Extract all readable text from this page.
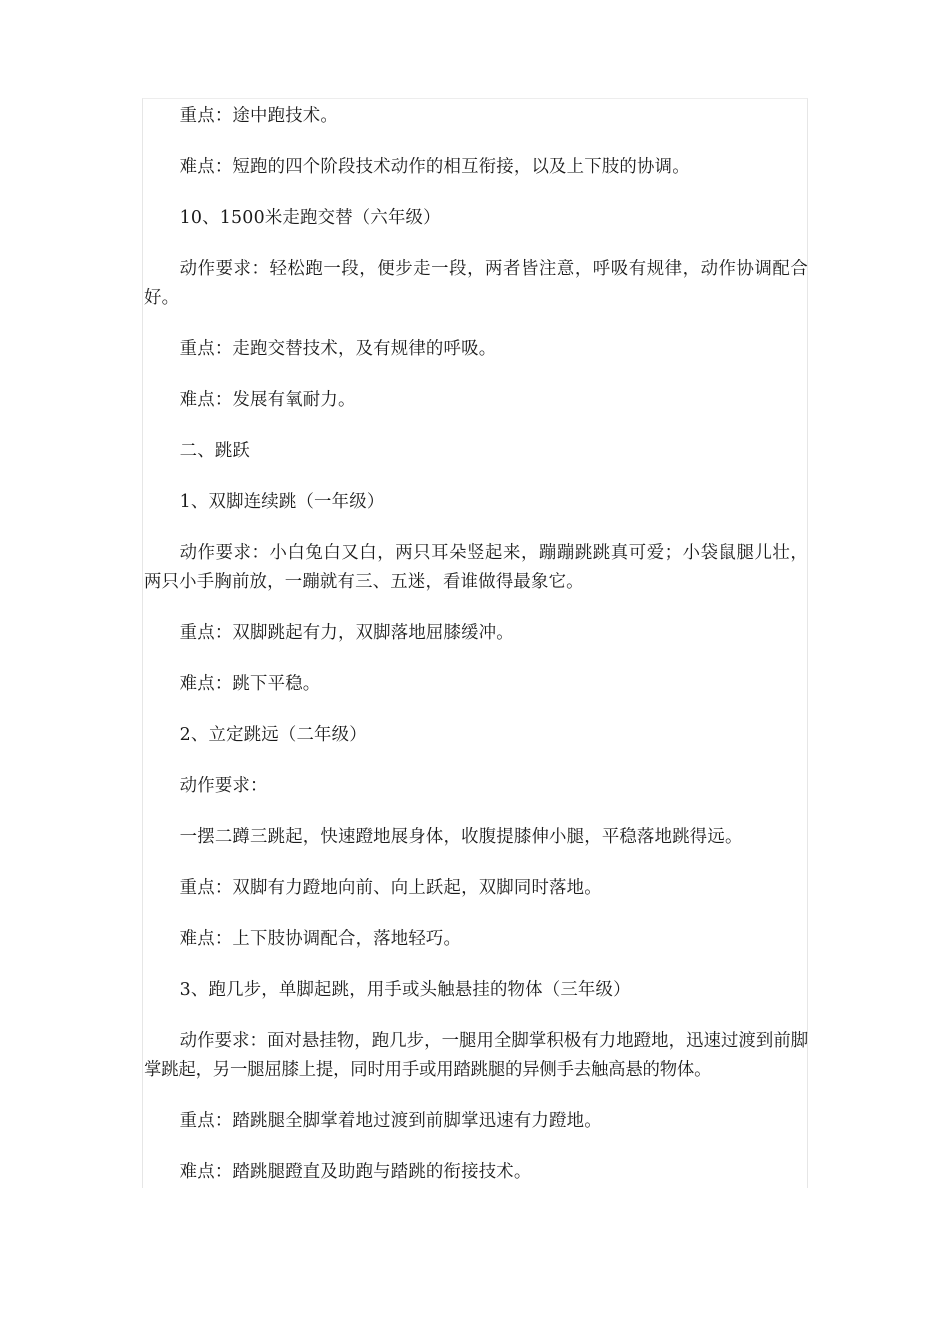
重点：途中跑技术。

难点：短跑的四个阶段技术动作的相互衔接，以及上下肢的协调。

10、1500米走跑交替（六年级）

动作要求：轻松跑一段，便步走一段，两者皆注意，呼吸有规律，动作协调配合好。

重点：走跑交替技术，及有规律的呼吸。

难点：发展有氧耐力。

二、跳跃

1、双脚连续跳（一年级）

动作要求：小白兔白又白，两只耳朵竖起来，蹦蹦跳跳真可爱；小袋鼠腿儿壮，两只小手胸前放，一蹦就有三、五迷，看谁做得最象它。

重点：双脚跳起有力，双脚落地屈膝缓冲。

难点：跳下平稳。

2、立定跳远（二年级）

动作要求：

一摆二蹲三跳起，快速蹬地展身体，收腹提膝伸小腿，平稳落地跳得远。

重点：双脚有力蹬地向前、向上跃起，双脚同时落地。

难点：上下肢协调配合，落地轻巧。

3、跑几步，单脚起跳，用手或头触悬挂的物体（三年级）

动作要求：面对悬挂物，跑几步，一腿用全脚掌积极有力地蹬地，迅速过渡到前脚掌跳起，另一腿屈膝上提，同时用手或用踏跳腿的异侧手去触高悬的物体。

重点：踏跳腿全脚掌着地过渡到前脚掌迅速有力蹬地。

难点：踏跳腿蹬直及助跑与踏跳的衔接技术。
